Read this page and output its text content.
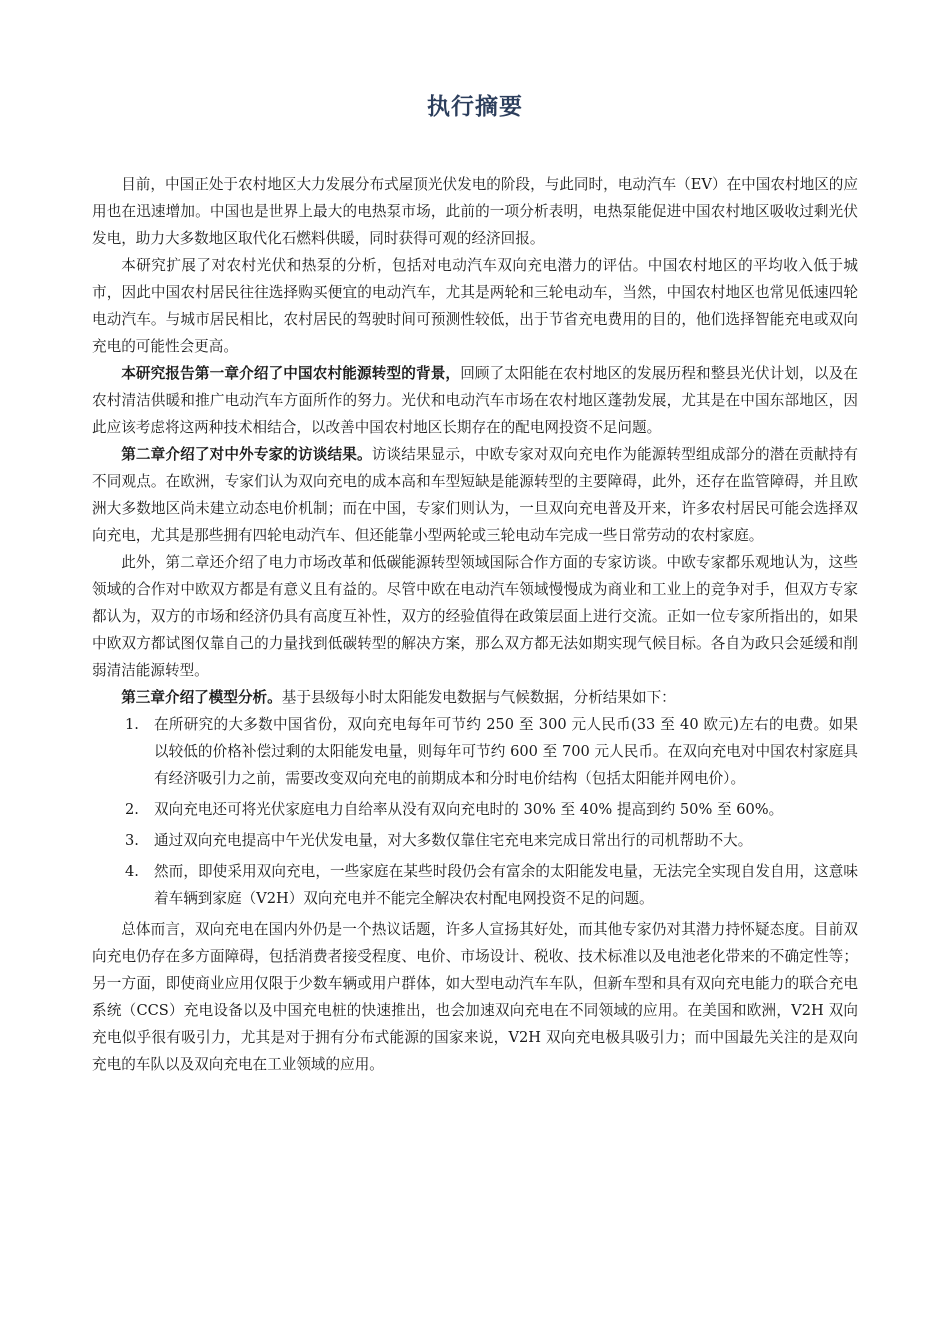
执行摘要

目前，中国正处于农村地区大力发展分布式屋顶光伏发电的阶段，与此同时，电动汽车（EV）在中国农村地区的应用也在迅速增加。中国也是世界上最大的电热泵市场，此前的一项分析表明，电热泵能促进中国农村地区吸收过剩光伏发电，助力大多数地区取代化石燃料供暖，同时获得可观的经济回报。

本研究扩展了对农村光伏和热泵的分析，包括对电动汽车双向充电潜力的评估。中国农村地区的平均收入低于城市，因此中国农村居民往往选择购买便宜的电动汽车，尤其是两轮和三轮电动车，当然，中国农村地区也常见低速四轮电动汽车。与城市居民相比，农村居民的驾驶时间可预测性较低，出于节省充电费用的目的，他们选择智能充电或双向充电的可能性会更高。

本研究报告第一章介绍了中国农村能源转型的背景，回顾了太阳能在农村地区的发展历程和整县光伏计划，以及在农村清洁供暖和推广电动汽车方面所作的努力。光伏和电动汽车市场在农村地区蓬勃发展，尤其是在中国东部地区，因此应该考虑将这两种技术相结合，以改善中国农村地区长期存在的配电网投资不足问题。

第二章介绍了对中外专家的访谈结果。访谈结果显示，中欧专家对双向充电作为能源转型组成部分的潜在贡献持有不同观点。在欧洲，专家们认为双向充电的成本高和车型短缺是能源转型的主要障碍，此外，还存在监管障碍，并且欧洲大多数地区尚未建立动态电价机制；而在中国，专家们则认为，一旦双向充电普及开来，许多农村居民可能会选择双向充电，尤其是那些拥有四轮电动汽车、但还能靠小型两轮或三轮电动车完成一些日常劳动的农村家庭。

此外，第二章还介绍了电力市场改革和低碳能源转型领域国际合作方面的专家访谈。中欧专家都乐观地认为，这些领域的合作对中欧双方都是有意义且有益的。尽管中欧在电动汽车领域慢慢成为商业和工业上的竞争对手，但双方专家都认为，双方的市场和经济仍具有高度互补性，双方的经验值得在政策层面上进行交流。正如一位专家所指出的，如果中欧双方都试图仅靠自己的力量找到低碳转型的解决方案，那么双方都无法如期实现气候目标。各自为政只会延缓和削弱清洁能源转型。

第三章介绍了模型分析。基于县级每小时太阳能发电数据与气候数据，分析结果如下：

1. 在所研究的大多数中国省份，双向充电每年可节约 250 至 300 元人民币(33 至 40 欧元)左右的电费。如果以较低的价格补偿过剩的太阳能发电量，则每年可节约 600 至 700 元人民币。在双向充电对中国农村家庭具有经济吸引力之前，需要改变双向充电的前期成本和分时电价结构（包括太阳能并网电价）。
2. 双向充电还可将光伏家庭电力自给率从没有双向充电时的 30% 至 40% 提高到约 50% 至 60%。
3. 通过双向充电提高中午光伏发电量，对大多数仅靠住宅充电来完成日常出行的司机帮助不大。
4. 然而，即使采用双向充电，一些家庭在某些时段仍会有富余的太阳能发电量，无法完全实现自发自用，这意味着车辆到家庭（V2H）双向充电并不能完全解决农村配电网投资不足的问题。

总体而言，双向充电在国内外仍是一个热议话题，许多人宣扬其好处，而其他专家仍对其潜力持怀疑态度。目前双向充电仍存在多方面障碍，包括消费者接受程度、电价、市场设计、税收、技术标准以及电池老化带来的不确定性等；另一方面，即使商业应用仅限于少数车辆或用户群体，如大型电动汽车车队，但新车型和具有双向充电能力的联合充电系统（CCS）充电设备以及中国充电桩的快速推出，也会加速双向充电在不同领域的应用。在美国和欧洲，V2H 双向充电似乎很有吸引力，尤其是对于拥有分布式能源的国家来说，V2H 双向充电极具吸引力；而中国最先关注的是双向充电的车队以及双向充电在工业领域的应用。
